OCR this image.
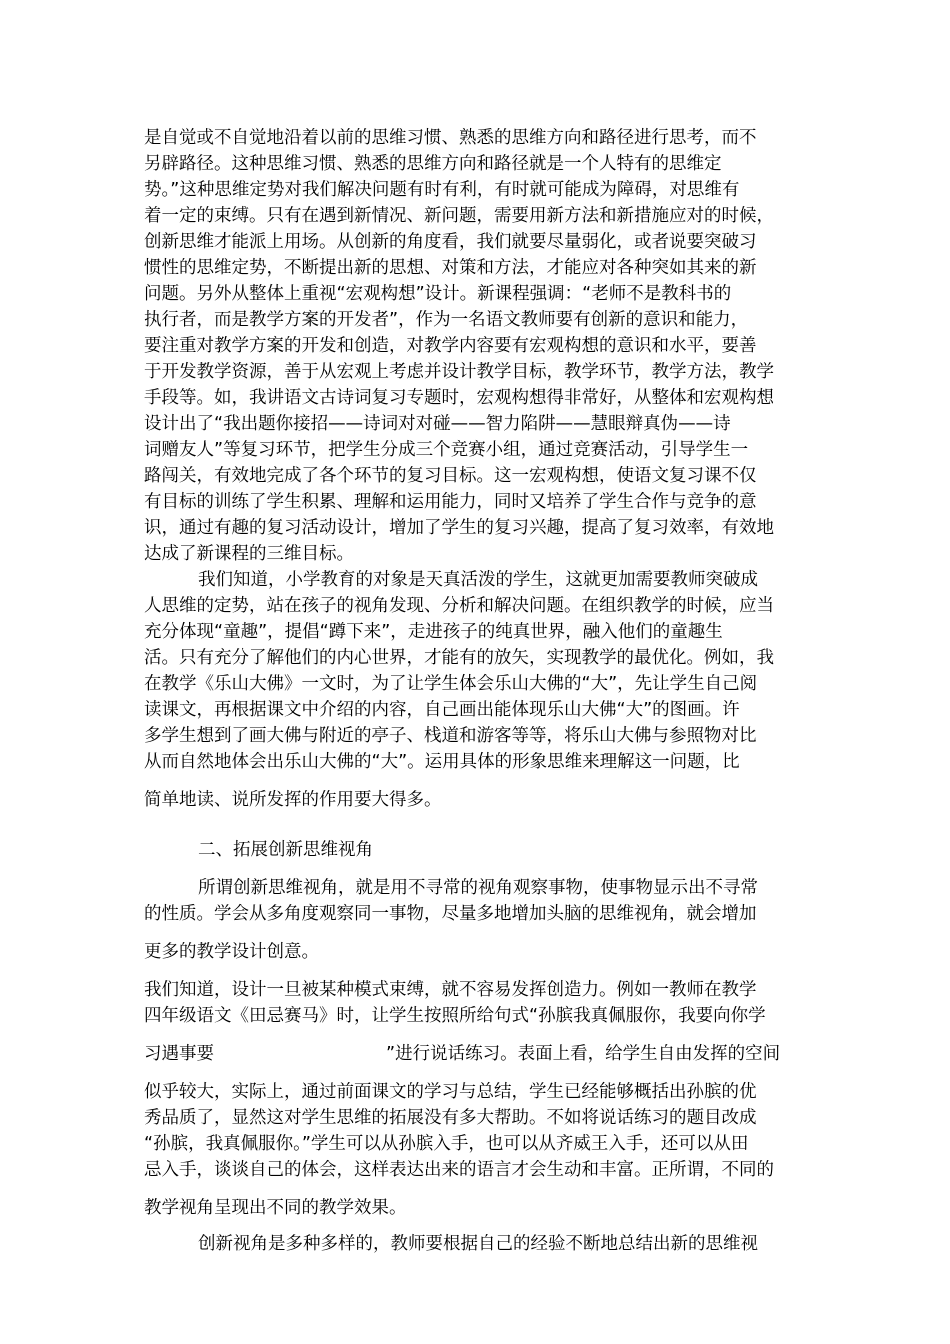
是自觉或不自觉地沿着以前的思维习惯、熟悉的思维方向和路径进行思考，而不
另辟路径。这种思维习惯、熟悉的思维方向和路径就是一个人特有的思维定
势。”这种思维定势对我们解决问题有时有利，有时就可能成为障碍，对思维有
着一定的束缚。只有在遇到新情况、新问题，需要用新方法和新措施应对的时候，
创新思维才能派上用场。从创新的角度看，我们就要尽量弱化，或者说要突破习
惯性的思维定势，不断提出新的思想、对策和方法，才能应对各种突如其来的新
问题。另外从整体上重视“宏观构想”设计。新课程强调：“老师不是教科书的
执行者，而是教学方案的开发者”，作为一名语文教师要有创新的意识和能力，
要注重对教学方案的开发和创造，对教学内容要有宏观构想的意识和水平，要善
于开发教学资源，善于从宏观上考虑并设计教学目标，教学环节，教学方法，教学
手段等。如，我讲语文古诗词复习专题时，宏观构想得非常好，从整体和宏观构想
设计出了“我出题你接招——诗词对对碰——智力陷阱——慧眼辩真伪——诗
词赠友人”等复习环节，把学生分成三个竞赛小组，通过竞赛活动，引导学生一
路闯关，有效地完成了各个环节的复习目标。这一宏观构想，使语文复习课不仅
有目标的训练了学生积累、理解和运用能力，同时又培养了学生合作与竞争的意
识，通过有趣的复习活动设计，增加了学生的复习兴趣，提高了复习效率，有效地
达成了新课程的三维目标。
我们知道，小学教育的对象是天真活泼的学生，这就更加需要教师突破成
人思维的定势，站在孩子的视角发现、分析和解决问题。在组织教学的时候，应当
充分体现“童趣”，提倡“蹲下来”，走进孩子的纯真世界，融入他们的童趣生
活。只有充分了解他们的内心世界，才能有的放矢，实现教学的最优化。例如，我
在教学《乐山大佛》一文时，为了让学生体会乐山大佛的“大”，先让学生自己阅
读课文，再根据课文中介绍的内容，自己画出能体现乐山大佛“大”的图画。许
多学生想到了画大佛与附近的亭子、栈道和游客等等，将乐山大佛与参照物对比
从而自然地体会出乐山大佛的“大”。运用具体的形象思维来理解这一问题，比
简单地读、说所发挥的作用要大得多。
二、拓展创新思维视角
所谓创新思维视角，就是用不寻常的视角观察事物，使事物显示出不寻常
的性质。学会从多角度观察同一事物，尽量多地增加头脑的思维视角，就会增加
更多的教学设计创意。
我们知道，设计一旦被某种模式束缚，就不容易发挥创造力。例如一教师在教学
四年级语文《田忌赛马》时，让学生按照所给句式“孙膑我真佩服你，我要向你学
习遇事要	”进行说话练习。表面上看，给学生自由发挥的空间
似乎较大，实际上，通过前面课文的学习与总结，学生已经能够概括出孙膑的优
秀品质了，显然这对学生思维的拓展没有多大帮助。不如将说话练习的题目改成
“孙膑，我真佩服你。”学生可以从孙膑入手，也可以从齐威王入手，还可以从田
忌入手，谈谈自己的体会，这样表达出来的语言才会生动和丰富。正所谓，不同的
教学视角呈现出不同的教学效果。
创新视角是多种多样的，教师要根据自己的经验不断地总结出新的思维视
